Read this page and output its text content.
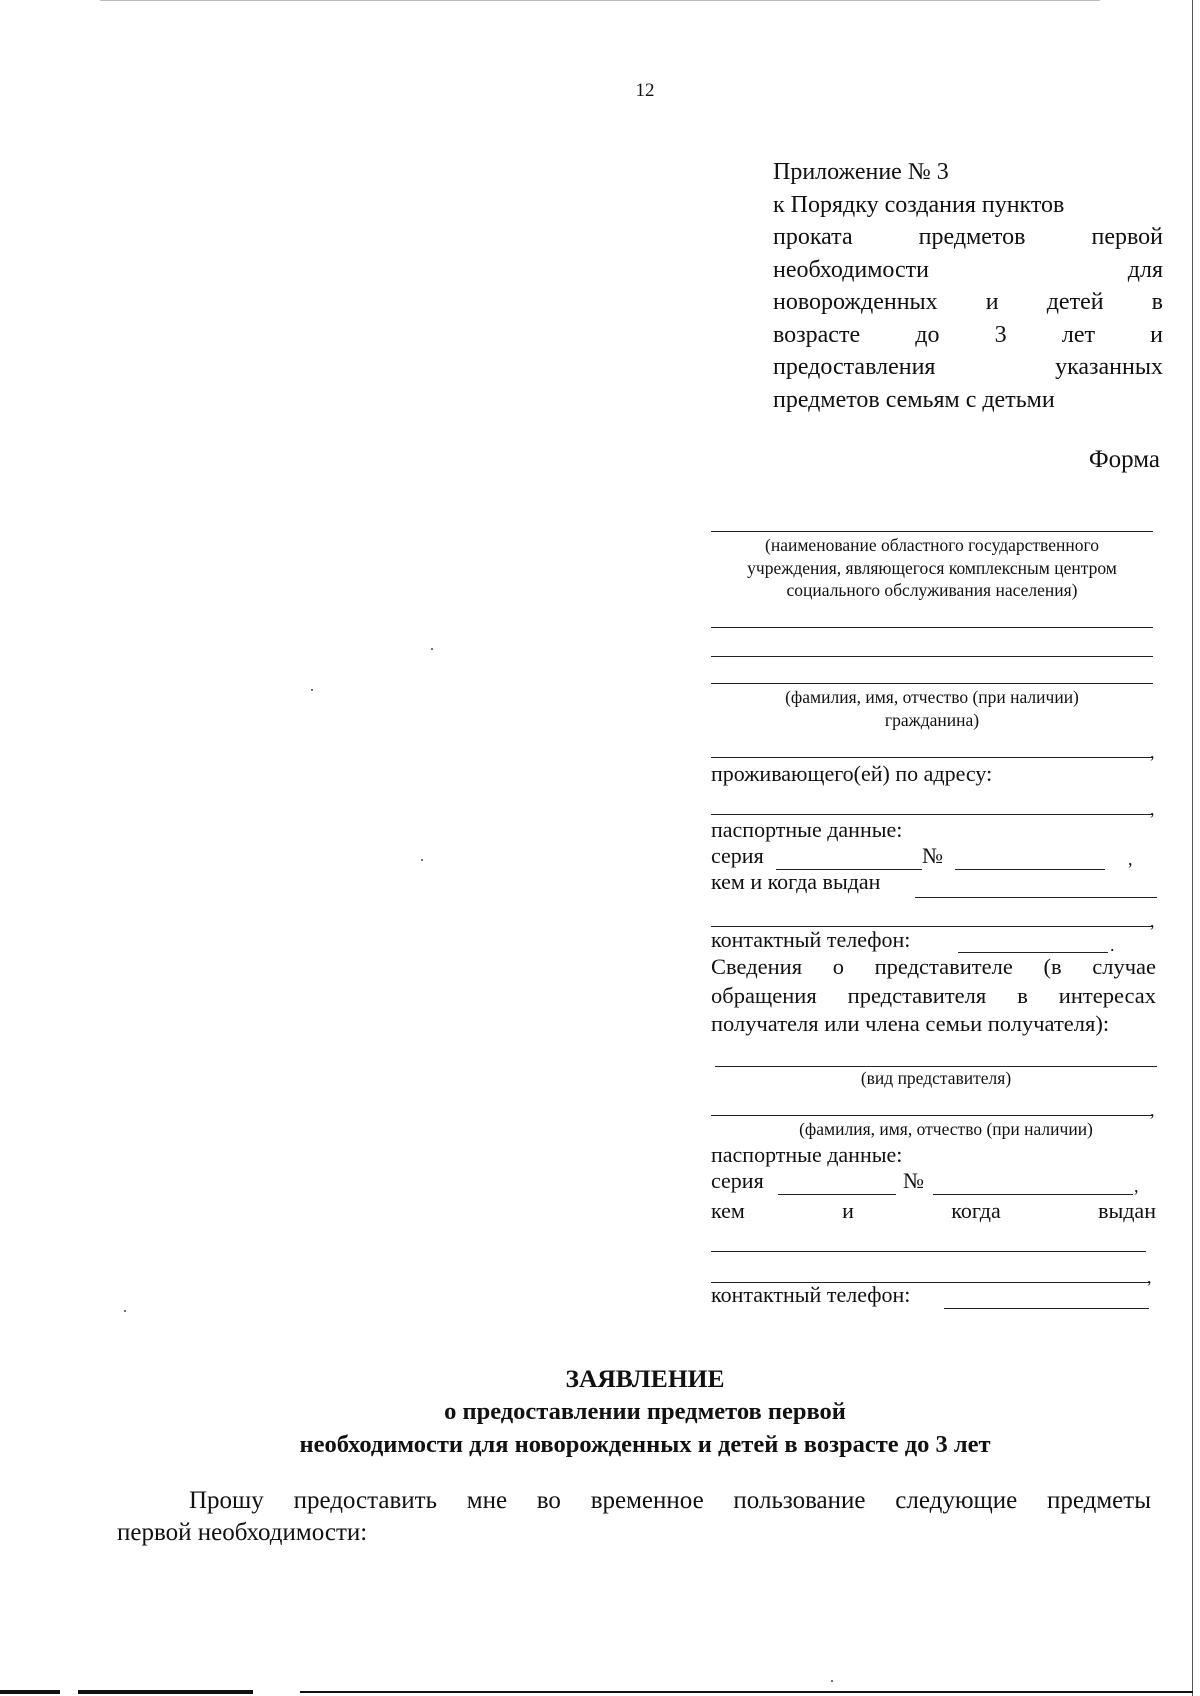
12
Приложение № 3
к Порядку создания пунктов
проката предметов первой
необходимости для
новорожденных и детей в
возрасте до 3 лет и
предоставления указанных
предметов семьям с детьми
Форма
(наименование областного государственного
учреждения, являющегося комплексным центром
социального обслуживания населения)
(фамилия, имя, отчество (при наличии)
гражданина)
,
проживающего(ей) по адресу:
,
паспортные данные:
серия	№	,
кем и когда выдан
,
контактный телефон:	.
Сведения о представителе (в случае
обращения представителя в интересах
получателя или члена семьи получателя):
(вид представителя)
,
(фамилия, имя, отчество (при наличии)
паспортные данные:
серия	№	,
кем	и	когда	выдан
,
контактный телефон:
ЗАЯВЛЕНИЕ
о предоставлении предметов первой
необходимости для новорожденных и детей в возрасте до 3 лет
Прошу предоставить мне во временное пользование следующие предметы
первой необходимости:
